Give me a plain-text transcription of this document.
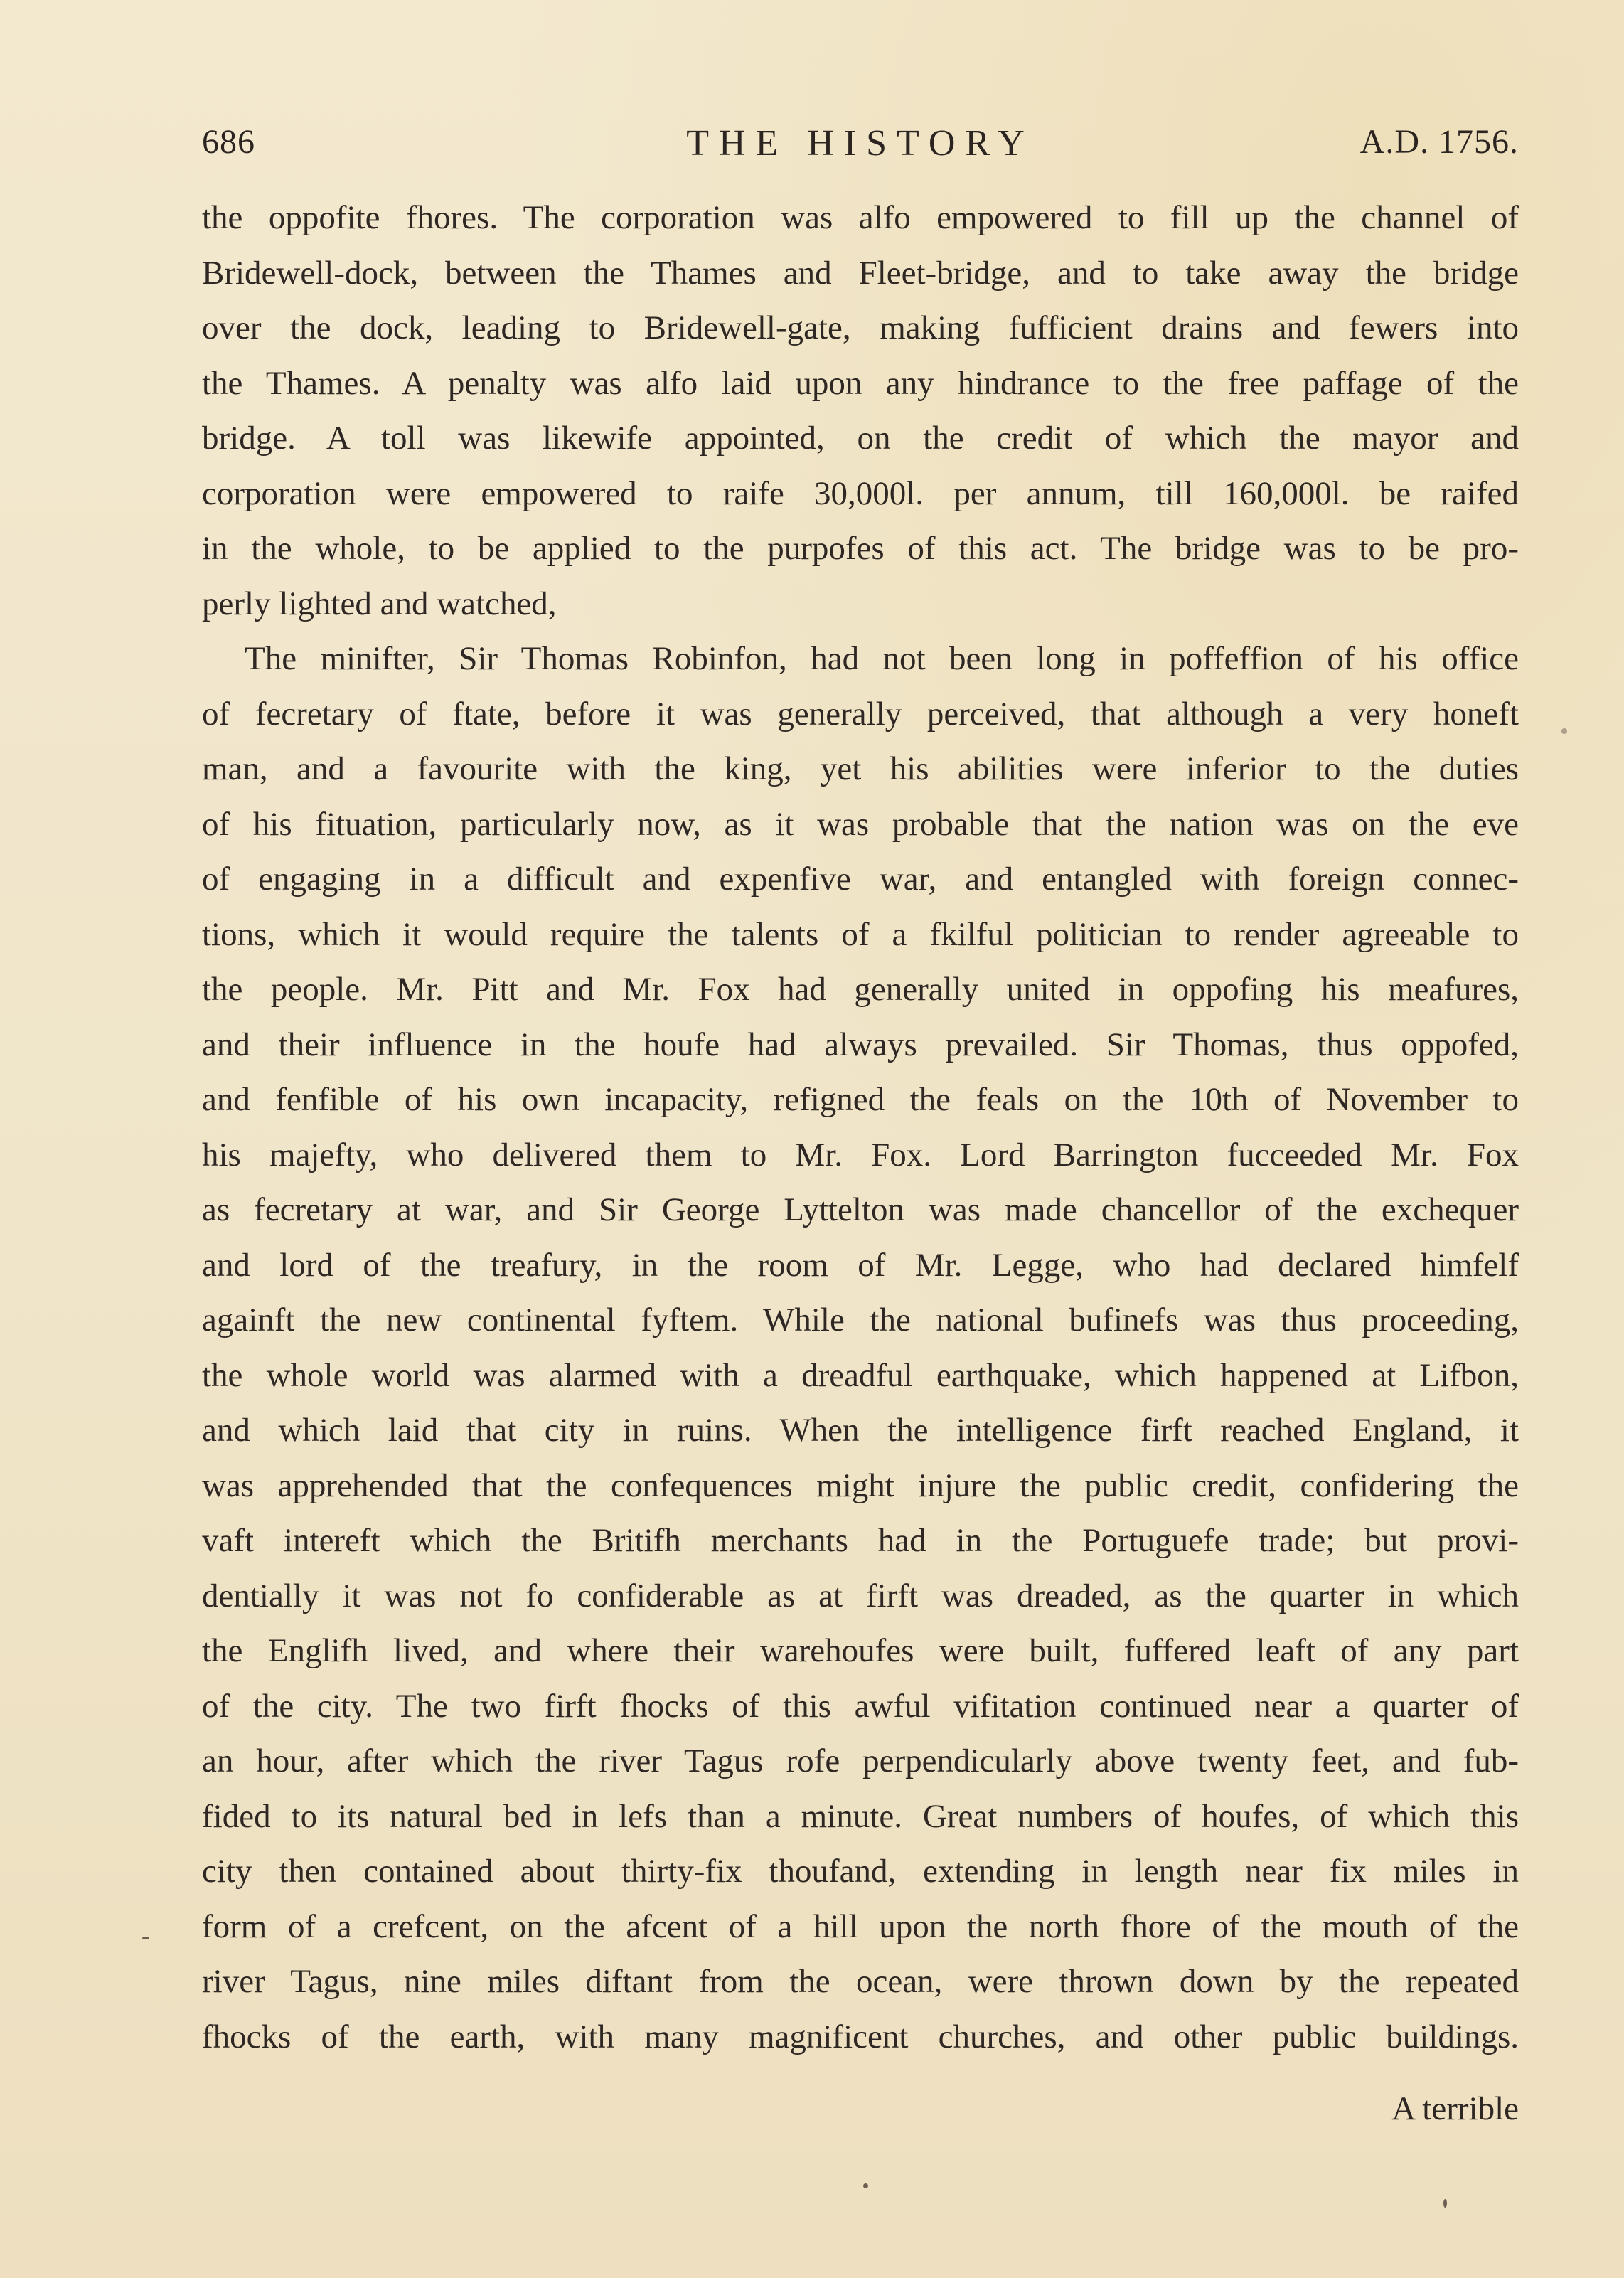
686	THE HISTORY	A.D. 1756.
the oppofite fhores. The corporation was alfo empowered to fill up the channel of
Bridewell-dock, between the Thames and Fleet-bridge, and to take away the bridge
over the dock, leading to Bridewell-gate, making fufficient drains and fewers into
the Thames. A penalty was alfo laid upon any hindrance to the free paffage of the
bridge. A toll was likewife appointed, on the credit of which the mayor and
corporation were empowered to raife 30,000l. per annum, till 160,000l. be raifed
in the whole, to be applied to the purpofes of this act. The bridge was to be pro-
perly lighted and watched,
The minifter, Sir Thomas Robinfon, had not been long in poffeffion of his office
of fecretary of ftate, before it was generally perceived, that although a very honeft
man, and a favourite with the king, yet his abilities were inferior to the duties
of his fituation, particularly now, as it was probable that the nation was on the eve
of engaging in a difficult and expenfive war, and entangled with foreign connec-
tions, which it would require the talents of a fkilful politician to render agreeable to
the people. Mr. Pitt and Mr. Fox had generally united in oppofing his meafures,
and their influence in the houfe had always prevailed. Sir Thomas, thus oppofed,
and fenfible of his own incapacity, refigned the feals on the 10th of November to
his majefty, who delivered them to Mr. Fox. Lord Barrington fucceeded Mr. Fox
as fecretary at war, and Sir George Lyttelton was made chancellor of the exchequer
and lord of the treafury, in the room of Mr. Legge, who had declared himfelf
againft the new continental fyftem. While the national bufinefs was thus proceeding,
the whole world was alarmed with a dreadful earthquake, which happened at Lifbon,
and which laid that city in ruins. When the intelligence firft reached England, it
was apprehended that the confequences might injure the public credit, confidering the
vaft intereft which the Britifh merchants had in the Portuguefe trade; but provi-
dentially it was not fo confiderable as at firft was dreaded, as the quarter in which
the Englifh lived, and where their warehoufes were built, fuffered leaft of any part
of the city. The two firft fhocks of this awful vifitation continued near a quarter of
an hour, after which the river Tagus rofe perpendicularly above twenty feet, and fub-
fided to its natural bed in lefs than a minute. Great numbers of houfes, of which this
city then contained about thirty-fix thoufand, extending in length near fix miles in
form of a crefcent, on the afcent of a hill upon the north fhore of the mouth of the
river Tagus, nine miles diftant from the ocean, were thrown down by the repeated
fhocks of the earth, with many magnificent churches, and other public buildings.
A terrible
